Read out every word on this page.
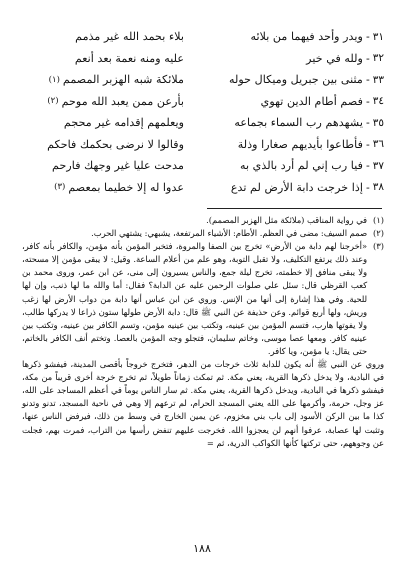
٣١
-
ويدر وأحد فيهما من بلائه
بلاء بحمد الله غير مذمم
٣٢
-
ولله في خير
عليه ومنه نعمة بعد أنعم
٣٣
-
مثنى بين جبريل وميكال حوله
ملائكة شبه الهزبر المصمم
(١)
٣٤
-
فصم أطام الدين تهوي
بأرعن ممن يعبد الله موحم
(٢)
٣٥
-
يشهدهم رب السماء بجماعه
ويعلمهم إقدامه غير محجم
٣٦
-
فأطاعوا بأيديهم صغارا وذلة
وقالوا لا نرضى بحكمك فاحكم
٣٧
-
فيا رب إني لم أرد بالذي به
مدحت عليا غير وجهك فارحم
٣٨
-
إذا خرجت دابة الأرض لم تدع
عدوا له إلا خطيما بمعصم
(٣)
(١)
في رواية المناقب (ملائكة مثل الهزبر المصمم).
(٢)
صمم السيف: مضى في العظم. الأطام: الأشياء المرتفعة، يشبهي: يشتهي الحرب.
(٣)
«أخرجنا لهم دابة من الأرض» تخرج بين الصفا والمروة، فتخبر المؤمن بأنه مؤمن، والكافر بأنه كافر، وعند ذلك يرتفع التكليف، ولا تقبل التوبة، وهو علم من أعلام الساعة. وقيل: لا يبقى مؤمن إلا مسحته، ولا يبقى منافق إلا خطمته، تخرج ليلة جمع، والناس يسيرون إلى منى، عن ابن عمر، وروى محمد بن كعب القرظي قال: سئل علي صلوات الرحمن عليه عن الدابة؟ فقال: أما والله ما لها ذنب، وإن لها للحية. وفي هذا إشارة إلى أنها من الإنس. وروي عن ابن عباس أنها دابة من دواب الأرض لها زغب وريش، ولها أربع قوائم. وعن حذيفة عن النبي ﷺ قال: دابة الأرض طولها ستون ذراعا لا يدركها طالب، ولا يفوتها هارب، فتسم المؤمن بين عينيه، وتكتب بين عينيه مؤمن، وتسم الكافر بين عينيه، وتكتب بين عينيه كافر. ومعها عصا موسى، وخاتم سليمان، فتجلو وجه المؤمن بالعصا. وتختم أنف الكافر بالخاتم، حتى يقال: يا مؤمن، ويا كافر.

وروي عن النبي ﷺ أنه يكون للدابة ثلاث خرجات من الدهر، فتخرج خروجاً بأقصى المدينة، فيفشو ذكرها في البادية، ولا يدخل ذكرها القرية، يعني مكة. ثم تمكث زماناً طويلاً، ثم تخرج خرجة أخرى قريباً من مكة، فيفشو ذكرها في البادية، ويدخل ذكرها القرية، يعني مكة. ثم سار الناس يوماً في أعظم المساجد على الله، عز وجل، حرمة، وأكرمها على الله يعني المسجد الحرام، لم ترعهم إلا وهي في ناحية المسجد، تدنو وتدنو كذا ما بين الركن الأسود إلى باب بني مخزوم، عن يمين الخارج في وسط من ذلك، فيرفض الناس عنها، وتثبت لها عصابة، عرفوا أنهم لن يعجزوا الله. فخرجت عليهم تنفض رأسها من التراب، فمرت بهم، فجلت عن وجوههم، حتى تركتها كأنها الكواكب الدرية، ثم =

١٨٨
